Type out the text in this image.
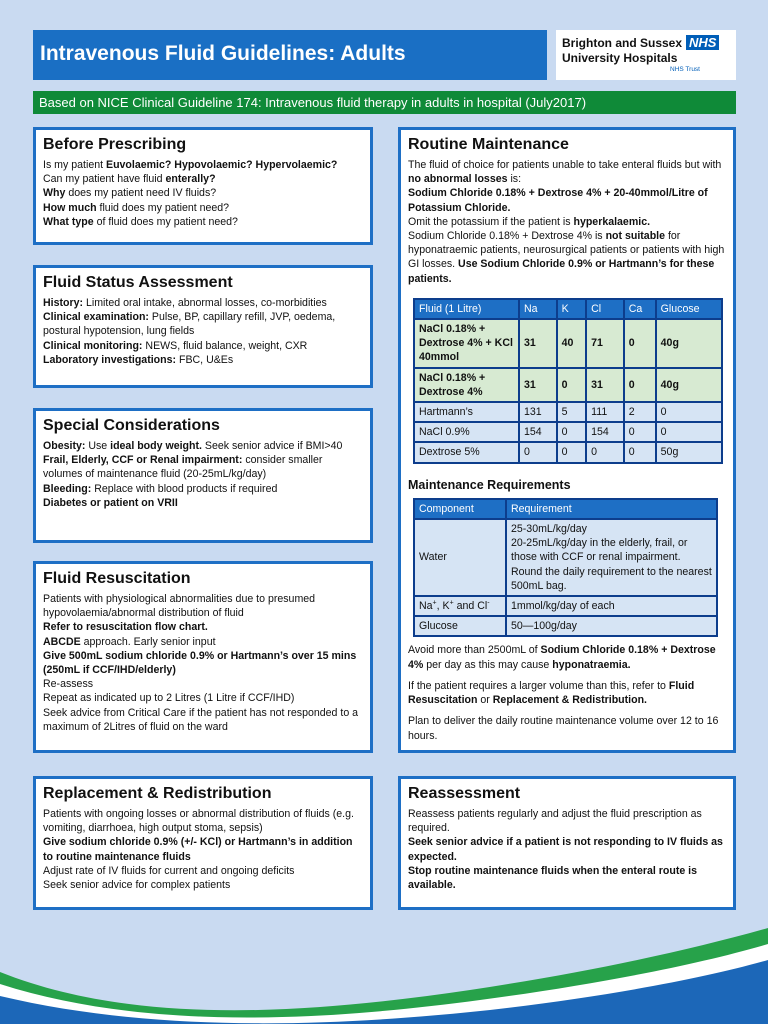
Intravenous Fluid Guidelines: Adults	Brighton and Sussex NHS
University Hospitals
NHS Trust
Based on NICE Clinical Guideline 174: Intravenous fluid therapy in adults in hospital (July2017)
Before Prescribing

Is my patient Euvolaemic? Hypovolaemic? Hypervolaemic?

Can my patient have fluid enterally?

Why does my patient need IV fluids?

How much fluid does my patient need?

What type of fluid does my patient need?

Fluid Status Assessment

History: Limited oral intake, abnormal losses, co-morbidities

Clinical examination: Pulse, BP, capillary refill, JVP, oedema, postural hypotension, lung fields

Clinical monitoring: NEWS, fluid balance, weight, CXR

Laboratory investigations: FBC, U&Es

Special Considerations

Obesity: Use ideal body weight. Seek senior advice if BMI>40

Frail, Elderly, CCF or Renal impairment: consider smaller volumes of maintenance fluid (20-25mL/kg/day)

Bleeding: Replace with blood products if required

Diabetes or patient on VRII

Fluid Resuscitation

Patients with physiological abnormalities due to presumed hypovolaemia/abnormal distribution of fluid

Refer to resuscitation flow chart.

ABCDE approach. Early senior input

Give 500mL sodium chloride 0.9% or Hartmann’s over 15 mins (250mL if CCF/IHD/elderly)

Re-assess

Repeat as indicated up to 2 Litres (1 Litre if CCF/IHD)

Seek advice from Critical Care if the patient has not responded to a maximum of 2Litres of fluid on the ward

Replacement & Redistribution

Patients with ongoing losses or abnormal distribution of fluids (e.g. vomiting, diarrhoea, high output stoma, sepsis)

Give sodium chloride 0.9% (+/- KCl) or Hartmann’s in addition to routine maintenance fluids

Adjust rate of IV fluids for current and ongoing deficits

Seek senior advice for complex patients

Routine Maintenance

The fluid of choice for patients unable to take enteral fluids but with no abnormal losses is:

Sodium Chloride 0.18% + Dextrose 4% + 20-40mmol/Litre of Potassium Chloride.

Omit the potassium if the patient is hyperkalaemic.

Sodium Chloride 0.18% + Dextrose 4% is not suitable for hyponatraemic patients, neurosurgical patients or patients with high GI losses. Use Sodium Chloride 0.9% or Hartmann’s for these patients.

Fluid (1 Litre)	Na	K	Cl	Ca	Glucose
NaCl 0.18% + Dextrose 4% + KCl 40mmol	31	40	71	0	40g
NaCl 0.18% + Dextrose 4%	31	0	31	0	40g
Hartmann’s	131	5	111	2	0
NaCl 0.9%	154	0	154	0	0
Dextrose 5%	0	0	0	0	50g
Maintenance Requirements
Component	Requirement
Water	25-30mL/kg/day
20-25mL/kg/day in the elderly, frail, or those with CCF or renal impairment.
Round the daily requirement to the nearest 500mL bag.

Na+, K+ and Cl-	1mmol/kg/day of each
Glucose	50—100g/day

Avoid more than 2500mL of Sodium Chloride 0.18% + Dextrose 4% per day as this may cause hyponatraemia.

If the patient requires a larger volume than this, refer to Fluid Resuscitation or Replacement & Redistribution.

Plan to deliver the daily routine maintenance volume over 12 to 16 hours.

Reassessment

Reassess patients regularly and adjust the fluid prescription as required.

Seek senior advice if a patient is not responding to IV fluids as expected.

Stop routine maintenance fluids when the enteral route is available.
